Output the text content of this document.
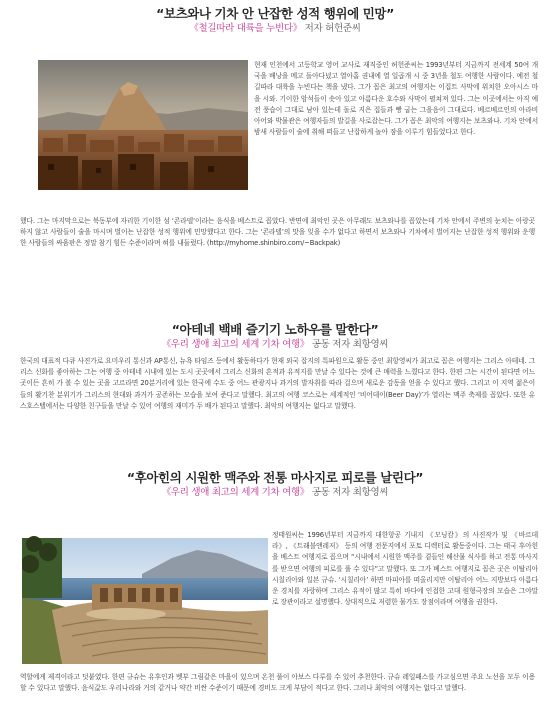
“보츠와나 기차 안 난잡한 성적 행위에 민망”
《철길따라 대륙을 누빈다》 저자 허헌준씨
현재 인천에서 고등학교 영어 교사로 재직중인 허헌준씨는 1993년부터 지금까지 전세계 50여 개국을 배낭을 메고 돌아다녔고 열아홉 권내에 열 일곱개 시 중 3년을 철도 여행한 사람이다. 예전 철길따라 대륙을 누빈다는 책을 냈다. 그가 꼽은 최고의 여행지는 이집트 사막에 위치한 오아시스 마을 시와. 기이한 암석들이 솟아 있고 아름다운 호수와 사막이 펼쳐져 있다. 그는 이곳에서는 아직 예전 풍습이 그대로 남아 있는데 돌로 지은 집들과 빵 굽는 그을음이 그대로다. 베르베르인의 아라비아어와 박물관은 여행자들의 발길을 사로잡는다. 그가 꼽은 최악의 여행지는 보츠와나. 기차 안에서 밤새 사람들이 술에 취해 떠들고 난잡하게 놀아 잠을 이루기 힘들었다고 한다.
했다. 그는 마지막으로는 북동부에 자리한 기이한 섬 ‘콘라델’이라는 음식을 베스트로 꼽았다. 반면에 최악인 곳은 아무래도 보츠와나를 꼽았는데 기차 안에서 주변의 눈치는 아랑곳하지 않고 사람들이 술을 마시며 벌이는 난잡한 성적 행위에 민망했다고 한다. 그는 ‘콘라델’의 맛을 잊을 수가 없다고 하면서 보츠와나 기차에서 벌어지는 난잡한 성적 행위와 운행한 사람들의 싸움판은 정말 참기 힘든 수준이라며 혀를 내둘렀다. (http://myhome.shinbiro.com/~Backpak)
“아테네 백배 즐기기 노하우를 말한다”
《우리 생애 최고의 세계 기차 여행》 공동 저자 최항영씨
한국의 대표적 다큐 사진가로 요미우리 통신과 AP통신, 뉴욕 타임즈 등에서 활동하다가 현재 외국 잡지의 특파원으로 활동 중인 최항영씨가 최고로 꼽은 여행지는 그리스 아테네. 그리스 신화를 좋아하는 그는 여행 중 아테네 시내에 있는 도시 곳곳에서 그리스 신화의 흔적과 유적지를 만날 수 있다는 것에 큰 매력을 느꼈다고 한다. 한편 그는 시간이 된다면 어느 곳이든 흔히 가 볼 수 있는 곳을 고르라면 20분거리에 있는 한국에 수도 중 어느 관광지나 과거의 발자취를 따라 걸으며 새로운 감동을 얻을 수 있다고 했다. 그리고 이 지역 젊은이들의 활기찬 분위기가 그리스의 현대와 과거가 공존하는 모습을 보여 준다고 말했다. 최고의 여행 코스로는 세계적인 ‘비어데이(Beer Day)’가 열리는 맥주 축제를 꼽았다. 또한 유스호스텔에서는 다양한 친구들을 만날 수 있어 여행의 재미가 두 배가 된다고 말했다. 최악의 여행지는 없다고 말했다.
“후아힌의 시원한 맥주와 전통 마사지로 피로를 날린다”
《우리 생애 최고의 세계 기차 여행》 공동 저자 최항영씨
정태원씨는 1996년부터 지금까지 대한항공 기내지 《모닝캄》의 사진작가 및 《바르데라》, 《트래블앤레저》 등의 여행 전문지에서 포토 디렉터로 활동중이다. 그는 태국 후아힌을 베스트 여행지로 꼽으며 “시내에서 시원한 맥주를 곁들인 해산물 식사를 하고 전통 마사지를 받으면 여행의 피로를 풀 수 있다”고 말했다. 또 그가 베스트 여행지로 꼽은 곳은 이탈리아 시칠리아와 일본 규슈. ‘시칠리아’ 하면 마피아를 떠올리지만 이탈리아 어느 지방보다 아름다운 경치를 자랑하며 그리스 유적이 많고 특히 바다에 인접한 고대 원형극장의 모습은 그야말로 장관이라고 설명했다. 상대적으로 저렴한 물가도 장점이라며 여행을 권한다.
역할에게 제격이라고 덧붙였다. 한편 규슈는 유후인과 벳부 그림같은 마을이 있으며 온천 풀이 아보스 다루를 수 있어 추천한다. 규슈 레일패스를 가고심으면 주요 노선을 모두 이용할 수 있다고 말했다. 음식값도 우리나라와 거의 같거나 약간 비싼 수준이기 때문에 경비도 크게 부담이 적다고 한다. 그러나 최악의 여행지는 없다고 말했다.
